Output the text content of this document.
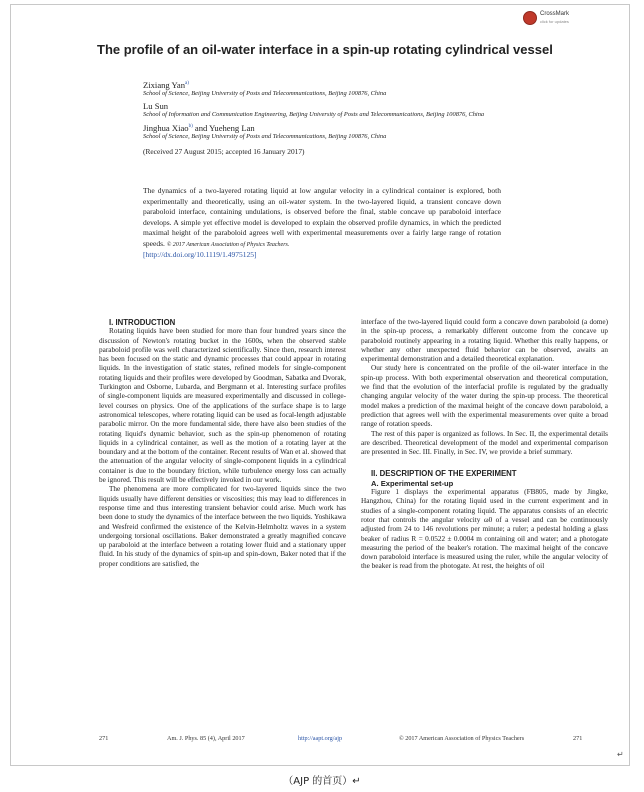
CrossMark
click for updates
The profile of an oil-water interface in a spin-up rotating cylindrical vessel
Zixiang Yan$^{a)}$
School of Science, Beijing University of Posts and Telecommunications, Beijing 100876, China
Lu Sun
School of Information and Communication Engineering, Beijing University of Posts and Telecommunications, Beijing 100876, China
Jinghua Xiao$^{b)}$ and Yueheng Lan
School of Science, Beijing University of Posts and Telecommunications, Beijing 100876, China
(Received 27 August 2015; accepted 16 January 2017)
The dynamics of a two-layered rotating liquid at low angular velocity in a cylindrical container is explored, both experimentally and theoretically, using an oil-water system. In the two-layered liquid, a transient concave down paraboloid interface, containing undulations, is observed before the final, stable concave up paraboloid interface develops. A simple yet effective model is developed to explain the observed profile dynamics, in which the predicted maximal height of the paraboloid agrees well with experimental measurements over a fairly large range of rotation speeds. © 2017 American Association of Physics Teachers.
[http://dx.doi.org/10.1119/1.4975125]

I. INTRODUCTION

Rotating liquids have been studied for more than four hundred years since the discussion of Newton's rotating bucket in the 1600s, when the observed stable paraboloid profile was well characterized scientifically. Since then, research interest has been focused on the static and dynamic processes that could appear in rotating liquids. In the investigation of static states, refined models for single-component rotating liquids and their profiles were developed by Goodman, Sabatka and Dvorak, Turkington and Osborne, Lubarda, and Bergmann et al. Interesting surface profiles of single-component liquids are measured experimentally and discussed in college-level courses on physics. One of the applications of the surface shape is to large astronomical telescopes, where rotating liquid can be used as focal-length adjustable parabolic mirror. On the more fundamental side, there have also been studies of the rotating liquid's dynamic behavior, such as the spin-up phenomenon of rotating liquids in a cylindrical container, as well as the motion of a rotating layer at the boundary and at the bottom of the container. Recent results of Wan et al. showed that the attenuation of the angular velocity of single-component liquids in a cylindrical container is due to the boundary friction, while turbulence energy loss can actually be ignored. This result will be effectively invoked in our work.

The phenomena are more complicated for two-layered liquids since the two liquids usually have different densities or viscosities; this may lead to differences in response time and thus interesting transient behavior could arise. Much work has been done to study the dynamics of the interface between the two liquids. Yoshikawa and Wesfreid confirmed the existence of the Kelvin-Helmholtz waves in a system undergoing torsional oscillations. Baker demonstrated a greatly magnified concave up paraboloid at the interface between a rotating lower fluid and a stationary upper fluid. In his study of the dynamics of spin-up and spin-down, Baker noted that if the proper conditions are satisfied, the

interface of the two-layered liquid could form a concave down paraboloid (a dome) in the spin-up process, a remarkably different outcome from the concave up paraboloid routinely appearing in a rotating liquid. Whether this really happens, or whether any other unexpected fluid behavior can be observed, awaits an experimental demonstration and a detailed theoretical explanation.

Our study here is concentrated on the profile of the oil-water interface in the spin-up process. With both experimental observation and theoretical computation, we find that the evolution of the interfacial profile is regulated by the gradually changing angular velocity of the water during the spin-up process. The theoretical model makes a prediction of the maximal height of the concave down paraboloid, a prediction that agrees well with the experimental measurements over quite a broad range of rotation speeds.

The rest of this paper is organized as follows. In Sec. II, the experimental details are described. Theoretical development of the model and experimental comparison are presented in Sec. III. Finally, in Sec. IV, we provide a brief summary.

II. DESCRIPTION OF THE EXPERIMENT

A. Experimental set-up

Figure 1 displays the experimental apparatus (FB805, made by Jingke, Hangzhou, China) for the rotating liquid used in the current experiment and in studies of a single-component rotating liquid. The apparatus consists of an electric rotor that controls the angular velocity ω0 of a vessel and can be continuously adjusted from 24 to 146 revolutions per minute; a ruler; a pedestal holding a glass beaker of radius R = 0.0522 ± 0.0004 m containing oil and water; and a photogate measuring the period of the beaker's rotation. The maximal height of the concave down paraboloid interface is measured using the ruler, while the angular velocity of the beaker is read from the photogate. At rest, the heights of oil

271	Am. J. Phys. 85 (4), April 2017	http://aapt.org/ajp	© 2017 American Association of Physics Teachers	271
↵
（AJP 的首页）↵
